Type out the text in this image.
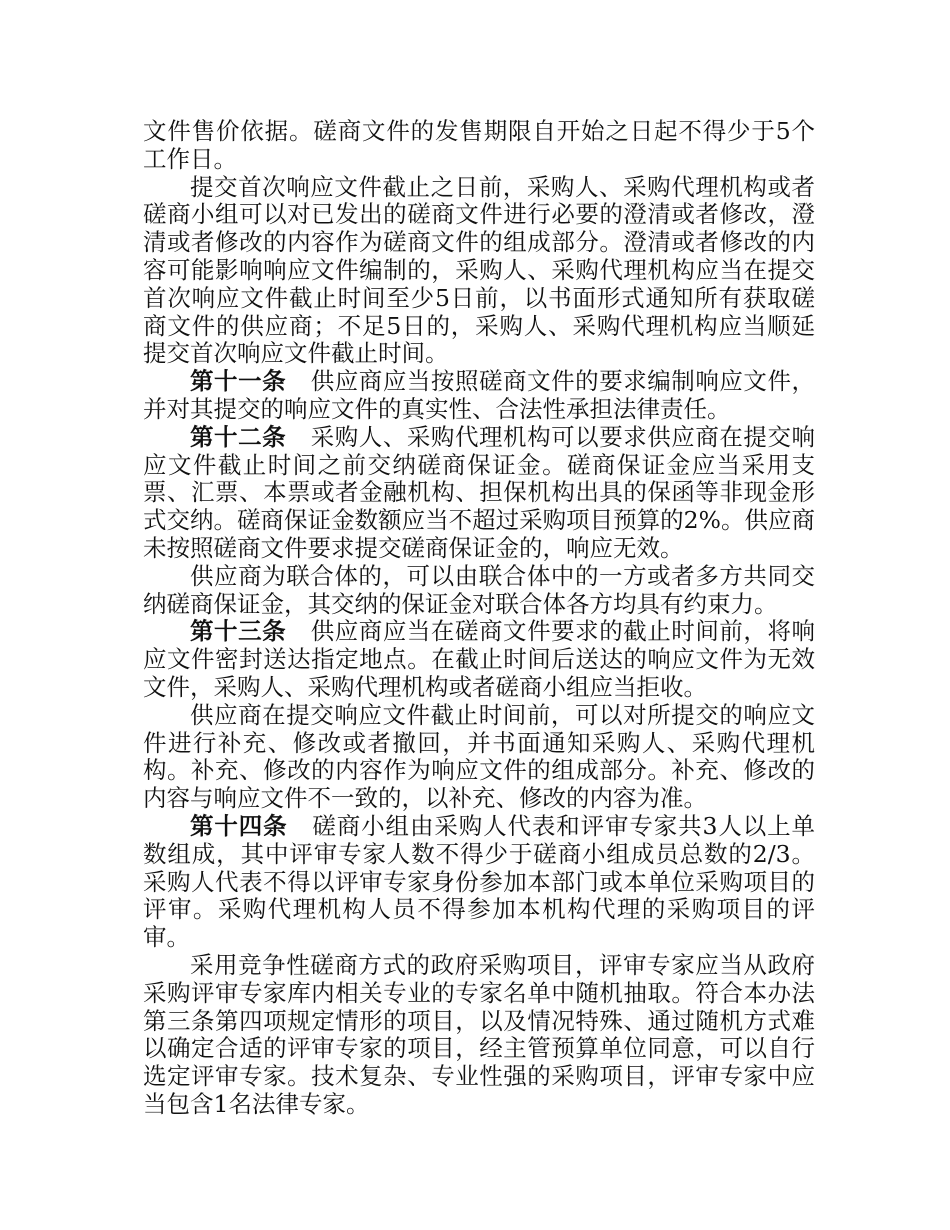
文件售价依据。磋商文件的发售期限自开始之日起不得少于5个工作日。

提交首次响应文件截止之日前，采购人、采购代理机构或者磋商小组可以对已发出的磋商文件进行必要的澄清或者修改，澄清或者修改的内容作为磋商文件的组成部分。澄清或者修改的内容可能影响响应文件编制的，采购人、采购代理机构应当在提交首次响应文件截止时间至少5日前，以书面形式通知所有获取磋商文件的供应商；不足5日的，采购人、采购代理机构应当顺延提交首次响应文件截止时间。

第十一条 供应商应当按照磋商文件的要求编制响应文件，并对其提交的响应文件的真实性、合法性承担法律责任。

第十二条 采购人、采购代理机构可以要求供应商在提交响应文件截止时间之前交纳磋商保证金。磋商保证金应当采用支票、汇票、本票或者金融机构、担保机构出具的保函等非现金形式交纳。磋商保证金数额应当不超过采购项目预算的2%。供应商未按照磋商文件要求提交磋商保证金的，响应无效。

供应商为联合体的，可以由联合体中的一方或者多方共同交纳磋商保证金，其交纳的保证金对联合体各方均具有约束力。

第十三条 供应商应当在磋商文件要求的截止时间前，将响应文件密封送达指定地点。在截止时间后送达的响应文件为无效文件，采购人、采购代理机构或者磋商小组应当拒收。

供应商在提交响应文件截止时间前，可以对所提交的响应文件进行补充、修改或者撤回，并书面通知采购人、采购代理机构。补充、修改的内容作为响应文件的组成部分。补充、修改的内容与响应文件不一致的，以补充、修改的内容为准。

第十四条 磋商小组由采购人代表和评审专家共3人以上单数组成，其中评审专家人数不得少于磋商小组成员总数的2/3。采购人代表不得以评审专家身份参加本部门或本单位采购项目的评审。采购代理机构人员不得参加本机构代理的采购项目的评审。

采用竞争性磋商方式的政府采购项目，评审专家应当从政府采购评审专家库内相关专业的专家名单中随机抽取。符合本办法第三条第四项规定情形的项目，以及情况特殊、通过随机方式难以确定合适的评审专家的项目，经主管预算单位同意，可以自行选定评审专家。技术复杂、专业性强的采购项目，评审专家中应当包含1名法律专家。
